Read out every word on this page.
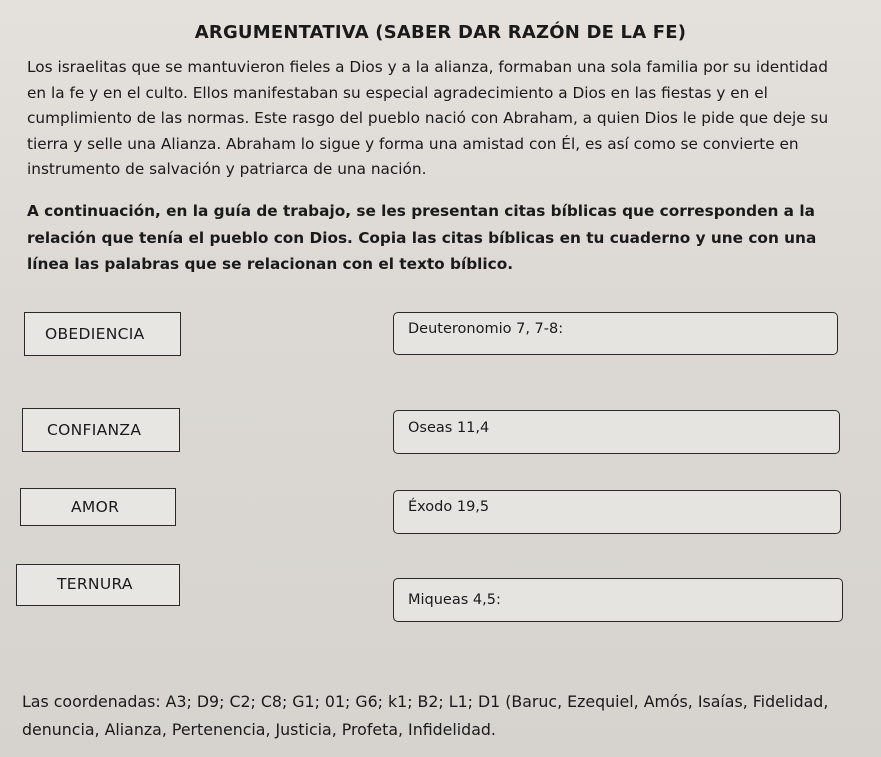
ARGUMENTATIVA (SABER DAR RAZÓN DE LA FE)

Los israelitas que se mantuvieron fieles a Dios y a la alianza, formaban una sola familia por su identidad en la fe y en el culto. Ellos manifestaban su especial agradecimiento a Dios en las fiestas y en el cumplimiento de las normas. Este rasgo del pueblo nació con Abraham, a quien Dios le pide que deje su tierra y selle una Alianza. Abraham lo sigue y forma una amistad con Él, es así como se convierte en instrumento de salvación y patriarca de una nación.

A continuación, en la guía de trabajo, se les presentan citas bíblicas que corresponden a la relación que tenía el pueblo con Dios. Copia las citas bíblicas en tu cuaderno y une con una línea las palabras que se relacionan con el texto bíblico.

OBEDIENCIA
CONFIANZA
AMOR
TERNURA
Deuteronomio 7, 7-8:
Oseas 11,4
Éxodo 19,5
Miqueas 4,5:

Las coordenadas: A3; D9; C2; C8; G1; 01; G6; k1; B2; L1; D1 (Baruc, Ezequiel, Amós, Isaías, Fidelidad, denuncia, Alianza, Pertenencia, Justicia, Profeta, Infidelidad.
